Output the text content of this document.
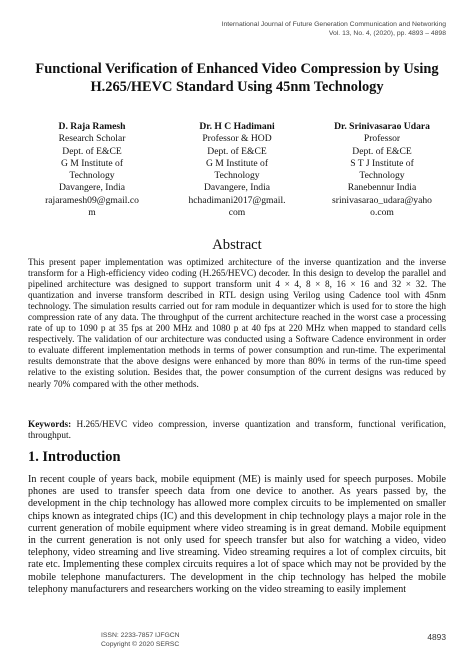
International Journal of Future Generation Communication and Networking
Vol. 13, No. 4, (2020), pp. 4893 – 4898
Functional Verification of Enhanced Video Compression by Using H.265/HEVC Standard Using 45nm Technology
D. Raja Ramesh
Research Scholar
Dept. of E&CE
G M Institute of
Technology
Davangere, India
rajaramesh09@gmail.co
m
Dr. H C Hadimani
Professor & HOD
Dept. of E&CE
G M Institute of
Technology
Davangere, India
hchadimani2017@gmail.
com
Dr. Srinivasarao Udara
Professor
Dept. of E&CE
S T J Institute of
Technology
Ranebennur India
srinivasarao_udara@yaho
o.com
Abstract

This present paper implementation was optimized architecture of the inverse quantization and the inverse transform for a High-efficiency video coding (H.265/HEVC) decoder. In this design to develop the parallel and pipelined architecture was designed to support transform unit 4 × 4, 8 × 8, 16 × 16 and 32 × 32. The quantization and inverse transform described in RTL design using Verilog using Cadence tool with 45nm technology. The simulation results carried out for ram module in dequantizer which is used for to store the high compression rate of any data. The throughput of the current architecture reached in the worst case a processing rate of up to 1090 p at 35 fps at 200 MHz and 1080 p at 40 fps at 220 MHz when mapped to standard cells respectively. The validation of our architecture was conducted using a Software Cadence environment in order to evaluate different implementation methods in terms of power consumption and run-time. The experimental results demonstrate that the above designs were enhanced by more than 80% in terms of the run-time speed relative to the existing solution. Besides that, the power consumption of the current designs was reduced by nearly 70% compared with the other methods.

Keywords: H.265/HEVC video compression, inverse quantization and transform, functional verification, throughput.

1. Introduction

In recent couple of years back, mobile equipment (ME) is mainly used for speech purposes. Mobile phones are used to transfer speech data from one device to another. As years passed by, the development in the chip technology has allowed more complex circuits to be implemented on smaller chips known as integrated chips (IC) and this development in chip technology plays a major role in the current generation of mobile equipment where video streaming is in great demand. Mobile equipment in the current generation is not only used for speech transfer but also for watching a video, video telephony, video streaming and live streaming. Video streaming requires a lot of complex circuits, bit rate etc. Implementing these complex circuits requires a lot of space which may not be provided by the mobile telephone manufacturers. The development in the chip technology has helped the mobile telephony manufacturers and researchers working on the video streaming to easily implement

ISSN: 2233-7857 IJFGCN
Copyright © 2020 SERSC
4893
